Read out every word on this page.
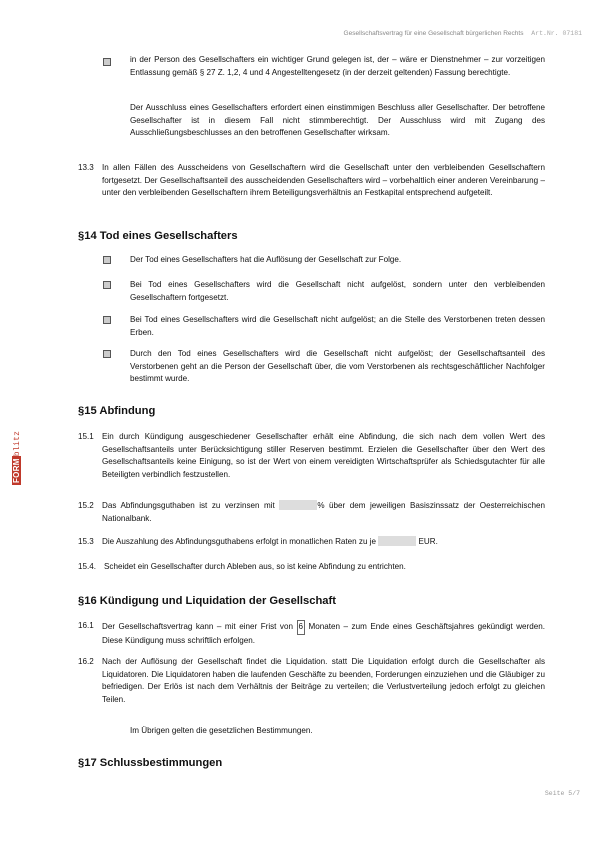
Gesellschaftsvertrag für eine Gesellschaft bürgerlichen Rechts Art.Nr. 07181
FORMblitz
in der Person des Gesellschafters ein wichtiger Grund gelegen ist, der – wäre er Dienstnehmer – zur vorzeitigen Entlassung gemäß § 27 Z. 1,2, 4 und 4 Angestelltengesetz (in der derzeit geltenden) Fassung berechtigte.
Der Ausschluss eines Gesellschafters erfordert einen einstimmigen Beschluss aller Gesellschafter. Der betroffene Gesellschafter ist in diesem Fall nicht stimmberechtigt. Der Ausschluss wird mit Zugang des Ausschließungsbeschlusses an den betroffenen Gesellschafter wirksam.
13.3 In allen Fällen des Ausscheidens von Gesellschaftern wird die Gesellschaft unter den verbleibenden Gesellschaftern fortgesetzt. Der Gesellschaftsanteil des ausscheidenden Gesellschafters wird – vorbehaltlich einer anderen Vereinbarung – unter den verbleibenden Gesellschaftern ihrem Beteiligungsverhältnis an Festkapital entsprechend aufgeteilt.
§14 Tod eines Gesellschafters
Der Tod eines Gesellschafters hat die Auflösung der Gesellschaft zur Folge.
Bei Tod eines Gesellschafters wird die Gesellschaft nicht aufgelöst, sondern unter den verbleibenden Gesellschaftern fortgesetzt.
Bei Tod eines Gesellschafters wird die Gesellschaft nicht aufgelöst; an die Stelle des Verstorbenen treten dessen Erben.
Durch den Tod eines Gesellschafters wird die Gesellschaft nicht aufgelöst; der Gesellschaftsanteil des Verstorbenen geht an die Person der Gesellschaft über, die vom Verstorbenen als rechtsgeschäftlicher Nachfolger bestimmt wurde.
§15 Abfindung
15.1 Ein durch Kündigung ausgeschiedener Gesellschafter erhält eine Abfindung, die sich nach dem vollen Wert des Gesellschaftsanteils unter Berücksichtigung stiller Reserven bestimmt. Erzielen die Gesellschafter über den Wert des Gesellschaftsanteils keine Einigung, so ist der Wert von einem vereidigten Wirtschaftsprüfer als Schiedsgutachter für alle Beteiligten verbindlich festzustellen.
15.2 Das Abfindungsguthaben ist zu verzinsen mit	% über dem jeweiligen Basiszinssatz der Oesterreichischen Nationalbank.
15.3 Die Auszahlung des Abfindungsguthabens erfolgt in monatlichen Raten zu je	EUR.
15.4. Scheidet ein Gesellschafter durch Ableben aus, so ist keine Abfindung zu entrichten.
§16 Kündigung und Liquidation der Gesellschaft
16.1 Der Gesellschaftsvertrag kann – mit einer Frist von 6 Monaten – zum Ende eines Geschäftsjahres gekündigt werden. Diese Kündigung muss schriftlich erfolgen.
16.2 Nach der Auflösung der Gesellschaft findet die Liquidation. statt Die Liquidation erfolgt durch die Gesellschafter als Liquidatoren. Die Liquidatoren haben die laufenden Geschäfte zu beenden, Forderungen einzuziehen und die Gläubiger zu befriedigen. Der Erlös ist nach dem Verhältnis der Beiträge zu verteilen; die Verlustverteilung jedoch erfolgt zu gleichen Teilen.
Im Übrigen gelten die gesetzlichen Bestimmungen.
§17 Schlussbestimmungen
Seite 5/7
